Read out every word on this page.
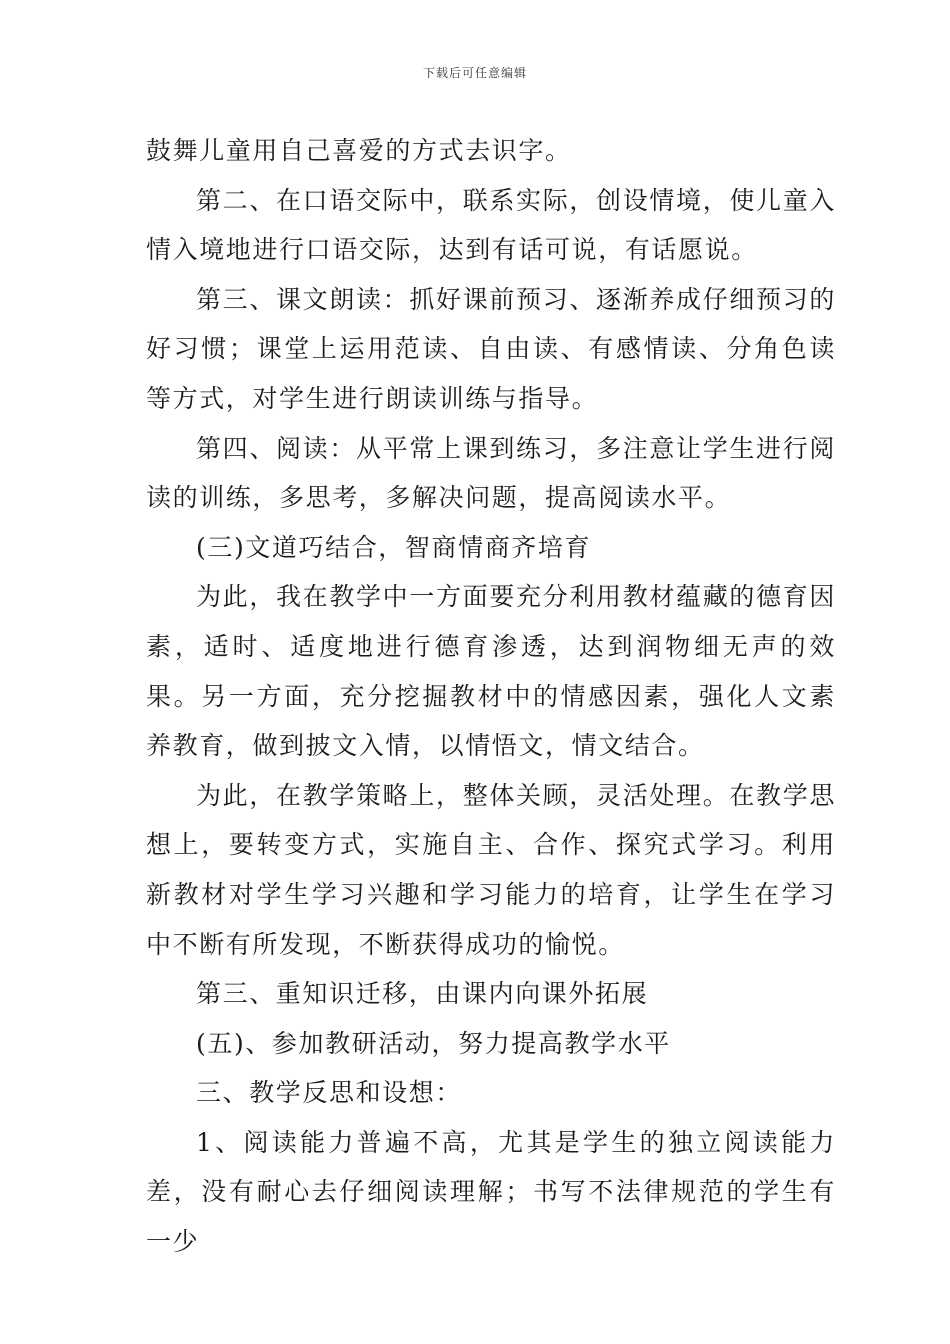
下载后可任意编辑

鼓舞儿童用自己喜爱的方式去识字。

第二、在口语交际中，联系实际，创设情境，使儿童入情入境地进行口语交际，达到有话可说，有话愿说。

第三、课文朗读：抓好课前预习、逐渐养成仔细预习的好习惯；课堂上运用范读、自由读、有感情读、分角色读等方式，对学生进行朗读训练与指导。

第四、阅读：从平常上课到练习，多注意让学生进行阅读的训练，多思考，多解决问题，提高阅读水平。

(三)文道巧结合，智商情商齐培育

为此，我在教学中一方面要充分利用教材蕴藏的德育因素，适时、适度地进行德育渗透，达到润物细无声的效果。另一方面，充分挖掘教材中的情感因素，强化人文素养教育，做到披文入情，以情悟文，情文结合。

为此，在教学策略上，整体关顾，灵活处理。在教学思想上，要转变方式，实施自主、合作、探究式学习。利用新教材对学生学习兴趣和学习能力的培育，让学生在学习中不断有所发现，不断获得成功的愉悦。

第三、重知识迁移，由课内向课外拓展

(五)、参加教研活动，努力提高教学水平

三、教学反思和设想：

1、阅读能力普遍不高，尤其是学生的独立阅读能力差，没有耐心去仔细阅读理解；书写不法律规范的学生有一少
